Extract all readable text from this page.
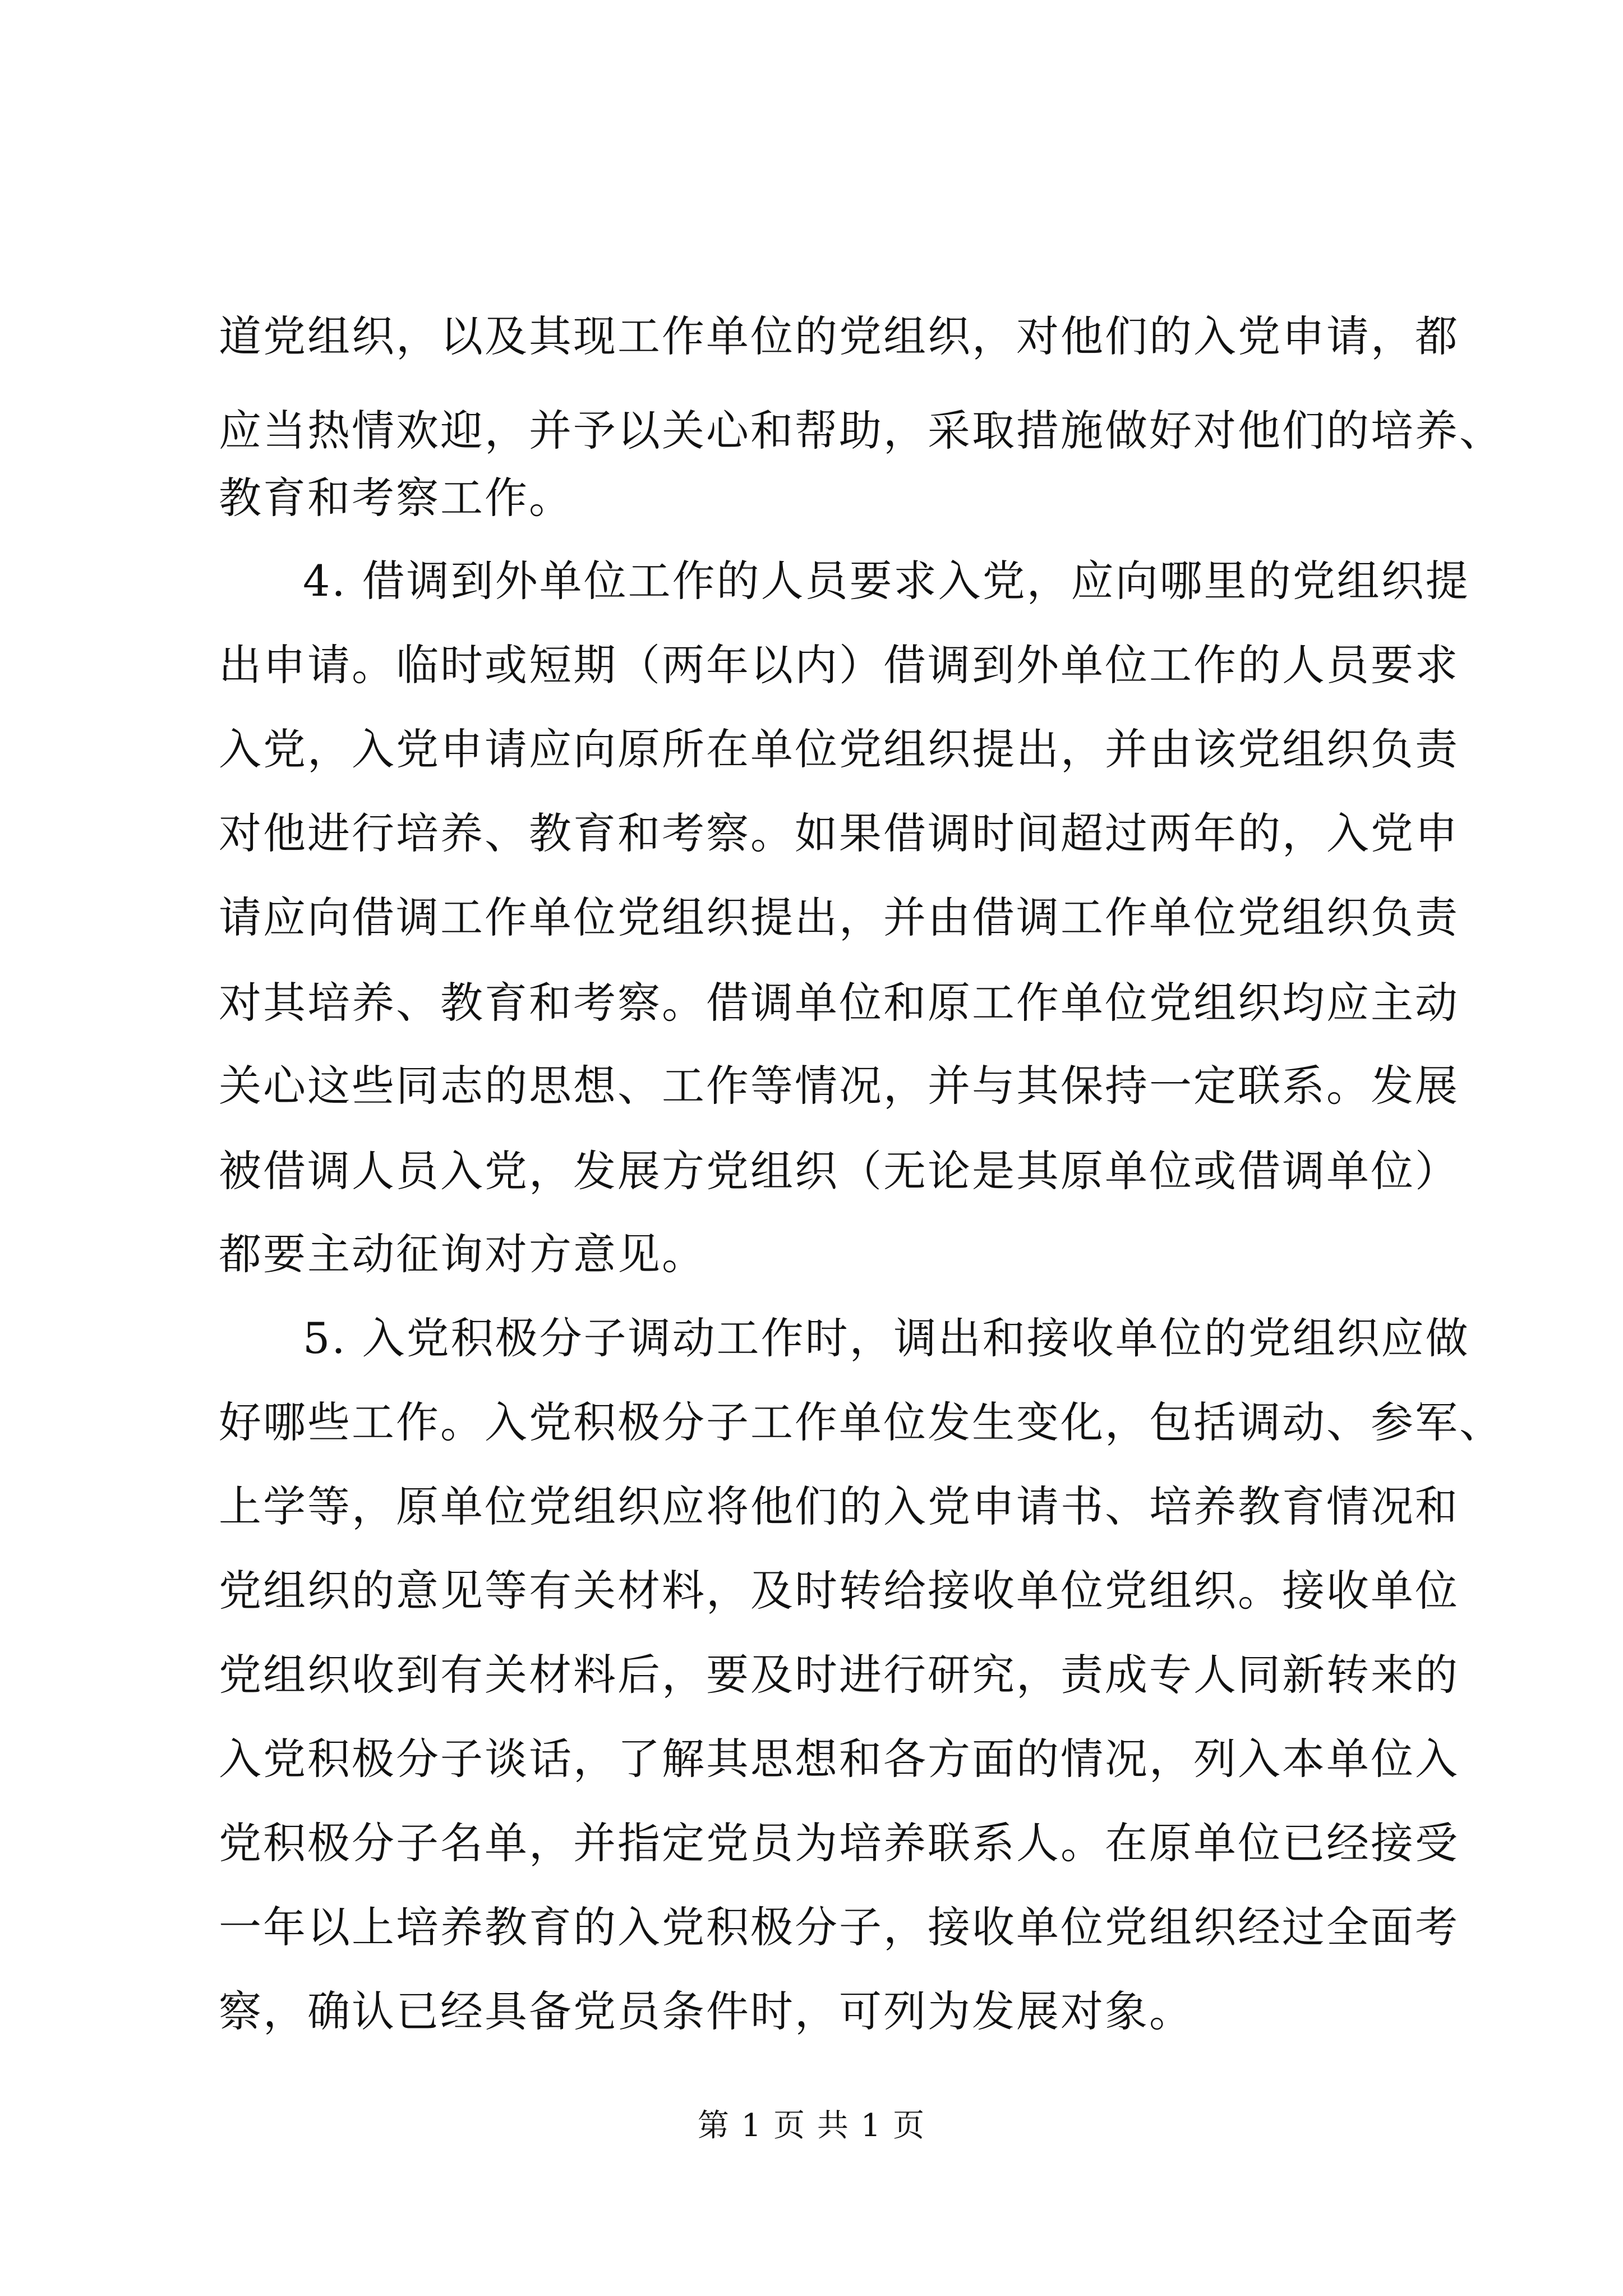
道党组织，以及其现工作单位的党组织，对他们的入党申请，都
应当热情欢迎，并予以关心和帮助，采取措施做好对他们的培养、
教育和考察工作。
4. 借调到外单位工作的人员要求入党，应向哪里的党组织提
出申请。临时或短期（两年以内）借调到外单位工作的人员要求
入党，入党申请应向原所在单位党组织提出，并由该党组织负责
对他进行培养、教育和考察。如果借调时间超过两年的，入党申
请应向借调工作单位党组织提出，并由借调工作单位党组织负责
对其培养、教育和考察。借调单位和原工作单位党组织均应主动
关心这些同志的思想、工作等情况，并与其保持一定联系。发展
被借调人员入党，发展方党组织（无论是其原单位或借调单位）
都要主动征询对方意见。
5. 入党积极分子调动工作时，调出和接收单位的党组织应做
好哪些工作。入党积极分子工作单位发生变化，包括调动、参军、
上学等，原单位党组织应将他们的入党申请书、培养教育情况和
党组织的意见等有关材料，及时转给接收单位党组织。接收单位
党组织收到有关材料后，要及时进行研究，责成专人同新转来的
入党积极分子谈话，了解其思想和各方面的情况，列入本单位入
党积极分子名单，并指定党员为培养联系人。在原单位已经接受
一年以上培养教育的入党积极分子，接收单位党组织经过全面考
察，确认已经具备党员条件时，可列为发展对象。
第 1 页 共 1 页
